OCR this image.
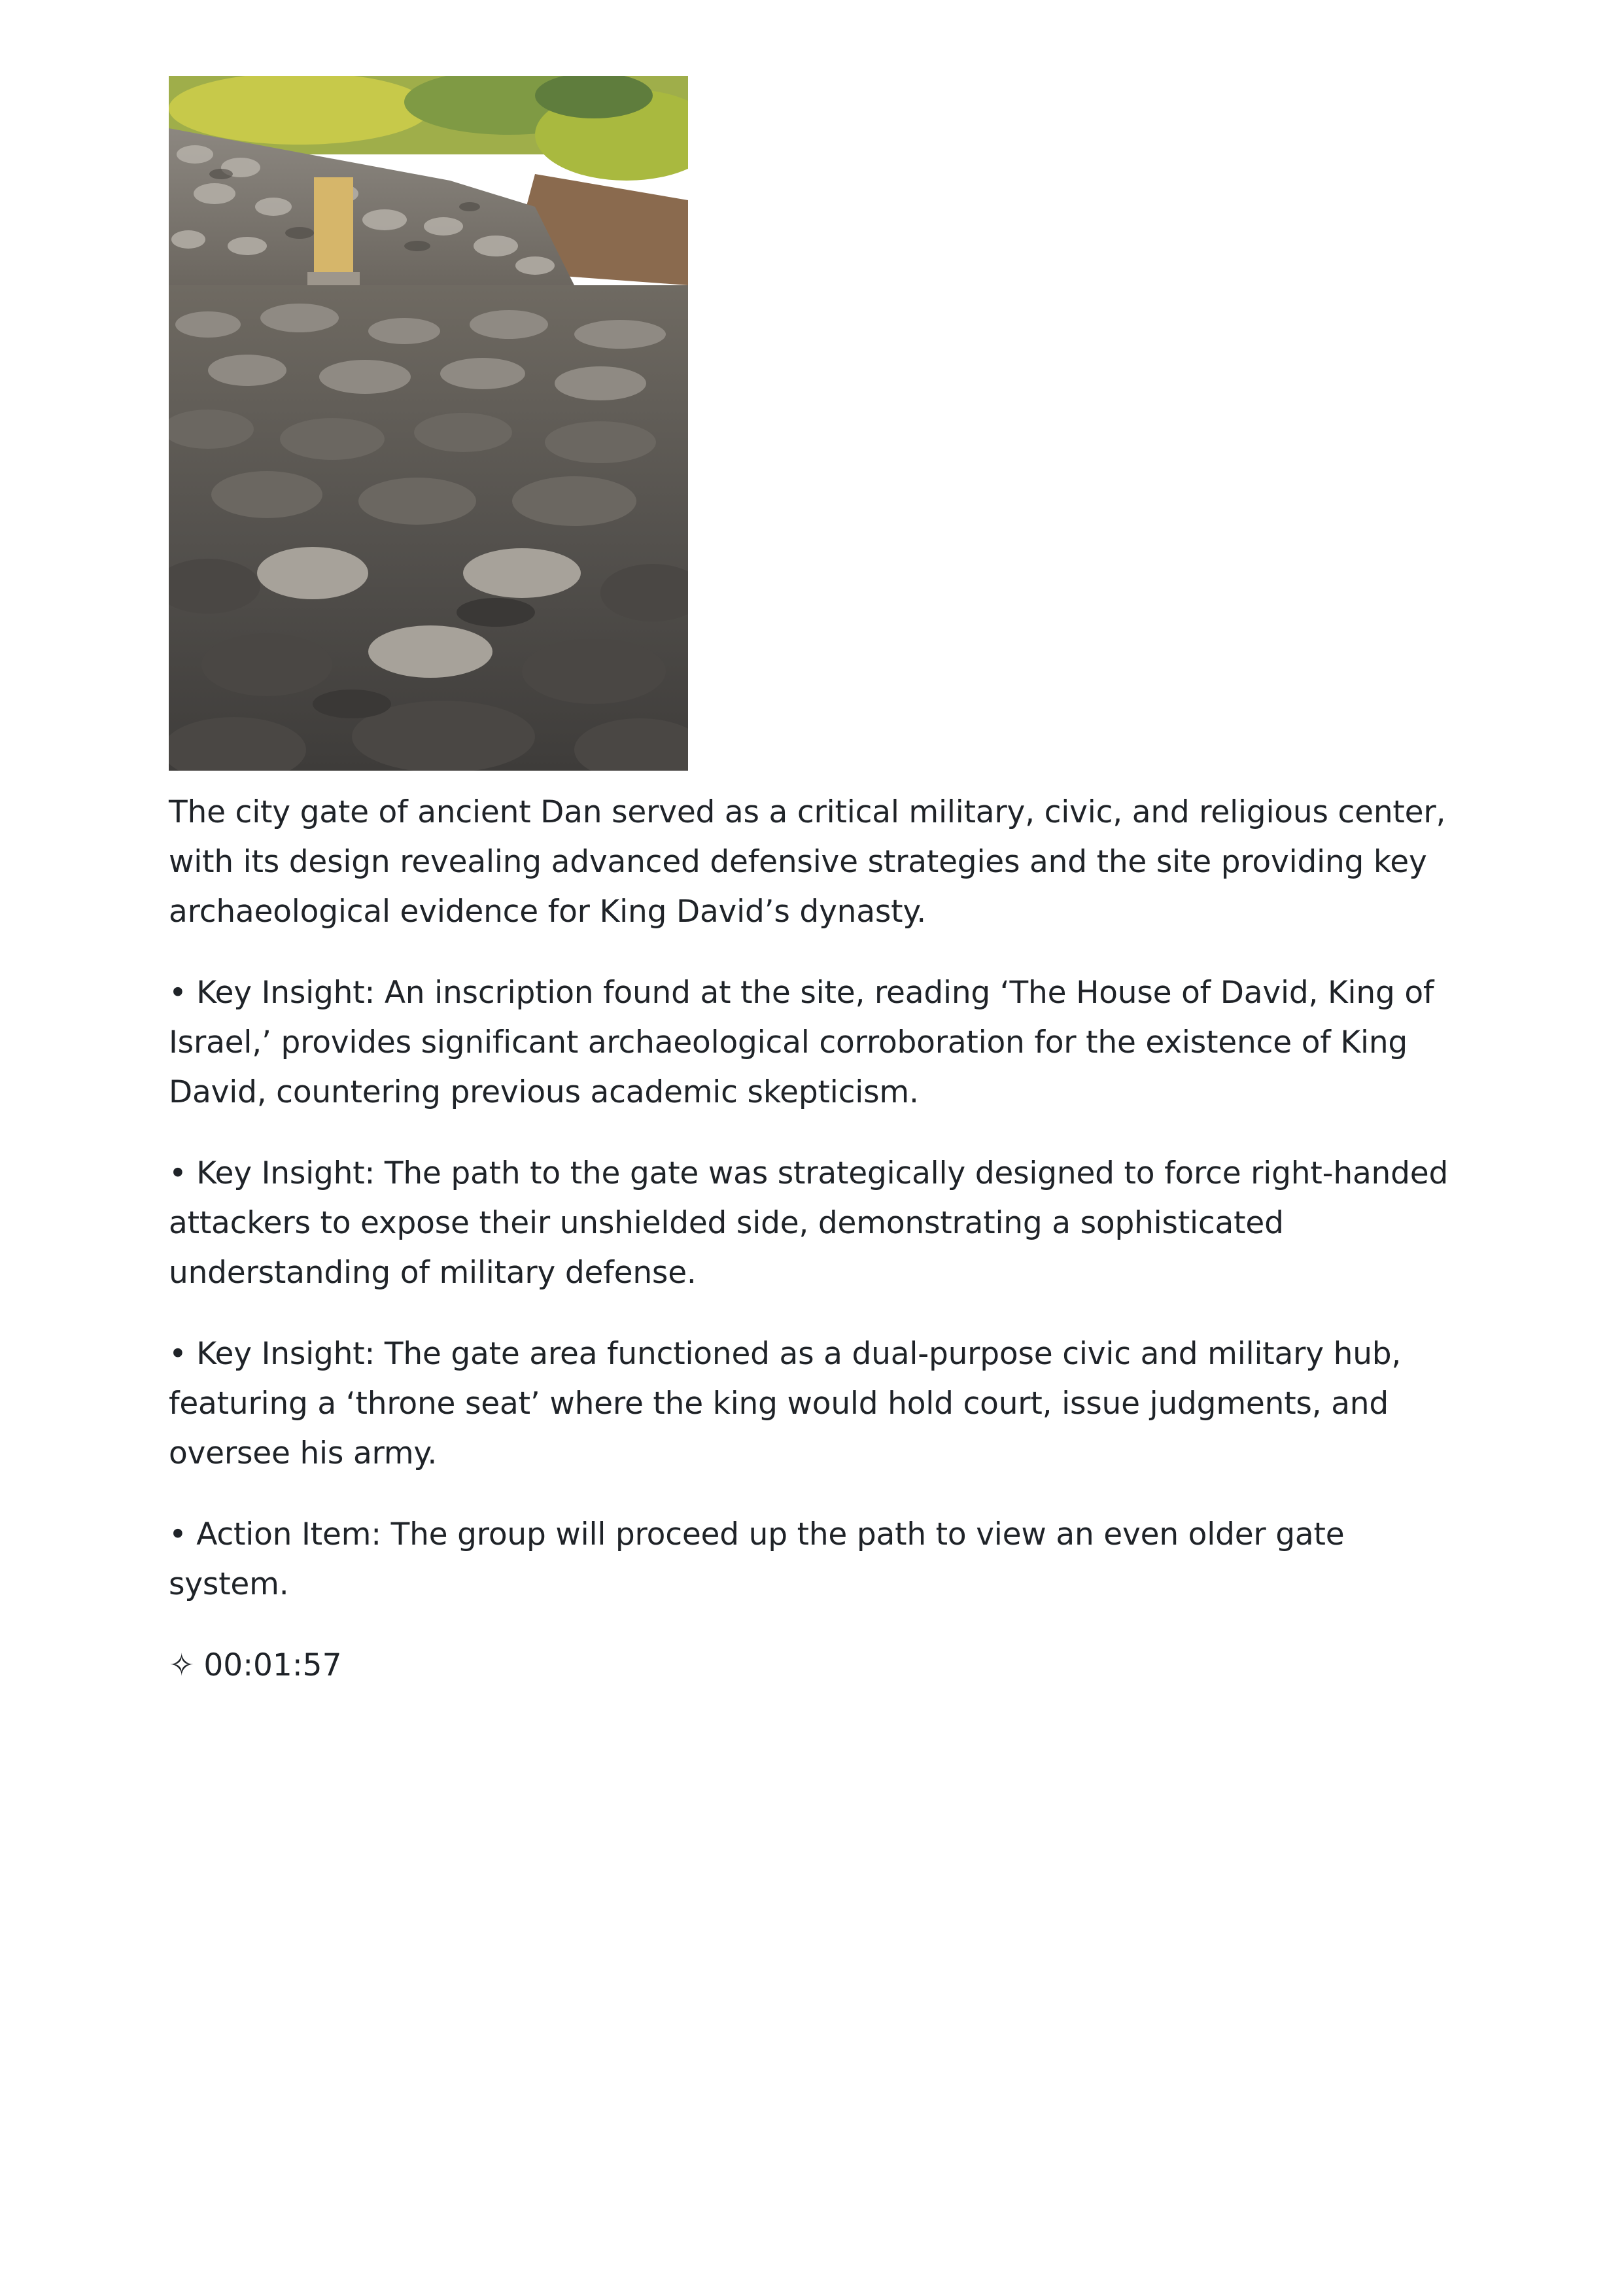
The city gate of ancient Dan served as a critical military, civic, and religious center, with its design revealing advanced defensive strategies and the site providing key archaeological evidence for King David’s dynasty.

• Key Insight: An inscription found at the site, reading ‘The House of David, King of Israel,’ provides significant archaeological corroboration for the existence of King David, countering previous academic skepticism.

• Key Insight: The path to the gate was strategically designed to force right-handed attackers to expose their unshielded side, demonstrating a sophisticated understanding of military defense.

• Key Insight: The gate area functioned as a dual-purpose civic and military hub, featuring a ‘throne seat’ where the king would hold court, issue judgments, and oversee his army.

• Action Item: The group will proceed up the path to view an even older gate system.

✧ 00:01:57
